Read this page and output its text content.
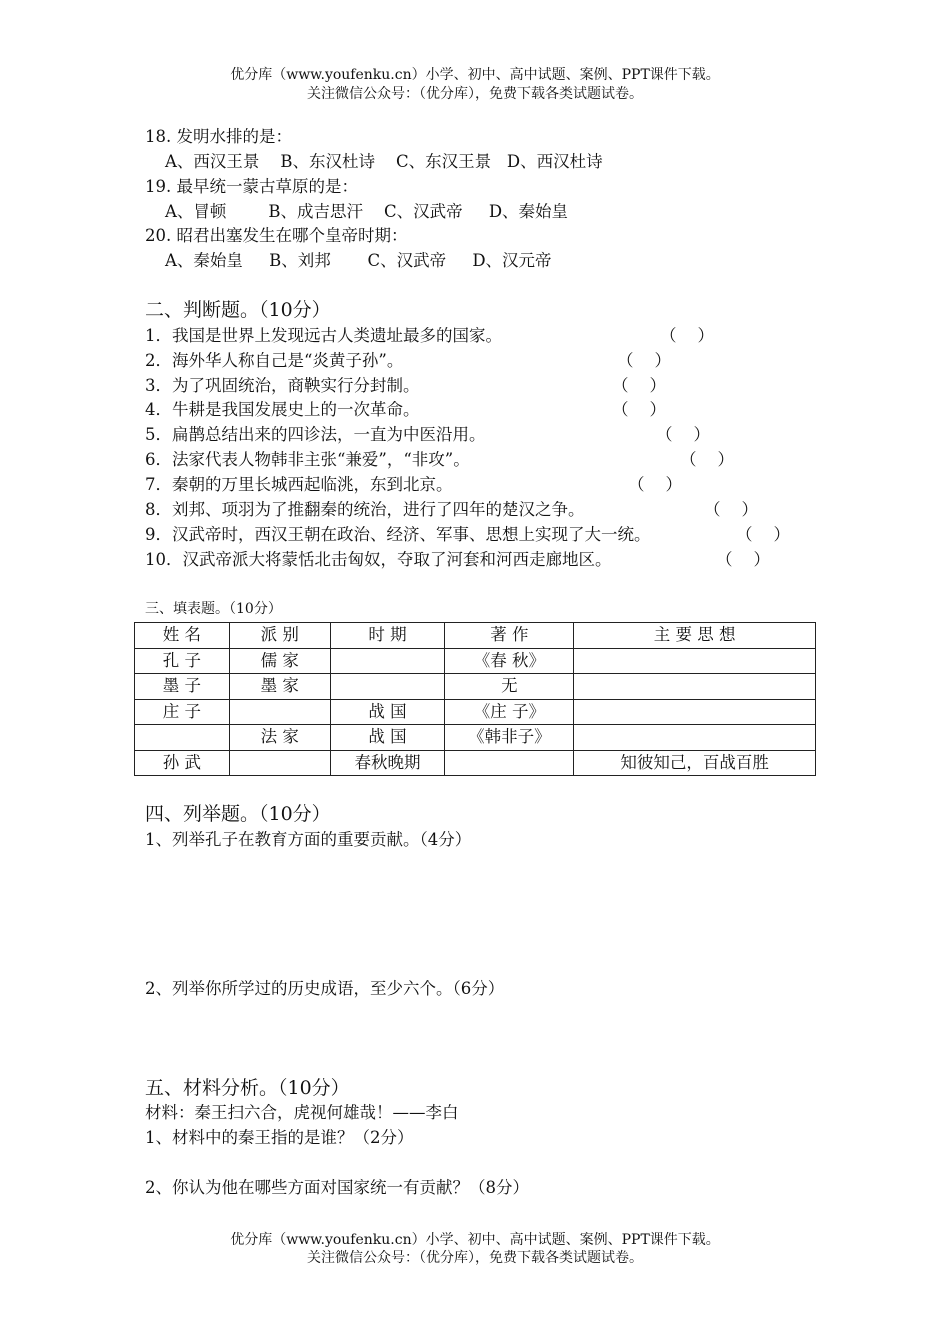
优分库（www.youfenku.cn）小学、初中、高中试题、案例、PPT课件下载。
关注微信公众号：（优分库），免费下载各类试题试卷。
18. 发明水排的是：
A、西汉王景    B、东汉杜诗    C、东汉王景   D、西汉杜诗
19. 最早统一蒙古草原的是：
A、冒顿        B、成吉思汗    C、汉武帝     D、秦始皇
20. 昭君出塞发生在哪个皇帝时期：
A、秦始皇     B、刘邦       C、汉武帝     D、汉元帝
二、判断题。（10分）
1．我国是世界上发现远古人类遗址最多的国家。	（    ）
2．海外华人称自己是“炎黄子孙”。	（    ）
3．为了巩固统治，商鞅实行分封制。	（    ）
4．牛耕是我国发展史上的一次革命。	（    ）
5．扁鹊总结出来的四诊法，一直为中医沿用。	（    ）
6．法家代表人物韩非主张“兼爱”，“非攻”。	（    ）
7．秦朝的万里长城西起临洮，东到北京。	（    ）
8．刘邦、项羽为了推翻秦的统治，进行了四年的楚汉之争。	（    ）
9．汉武帝时，西汉王朝在政治、经济、军事、思想上实现了大一统。	（    ）
10．汉武帝派大将蒙恬北击匈奴，夺取了河套和河西走廊地区。	（    ）
三、填表题。（10分）
姓 名	派 别	时 期	著 作	主 要 思 想
孔 子	儒 家		《春 秋》	
墨 子	墨 家		无	
庄 子		战 国	《庄 子》	
	法 家	战 国	《韩非子》	
孙 武		春秋晚期		知彼知己，百战百胜
四、列举题。（10分）
1、列举孔子在教育方面的重要贡献。（4分）
2、列举你所学过的历史成语，至少六个。（6分）
五、材料分析。（10分）
材料：秦王扫六合，虎视何雄哉！——李白
1、材料中的秦王指的是谁？（2分）
2、你认为他在哪些方面对国家统一有贡献？（8分）
优分库（www.youfenku.cn）小学、初中、高中试题、案例、PPT课件下载。
关注微信公众号：（优分库），免费下载各类试题试卷。
